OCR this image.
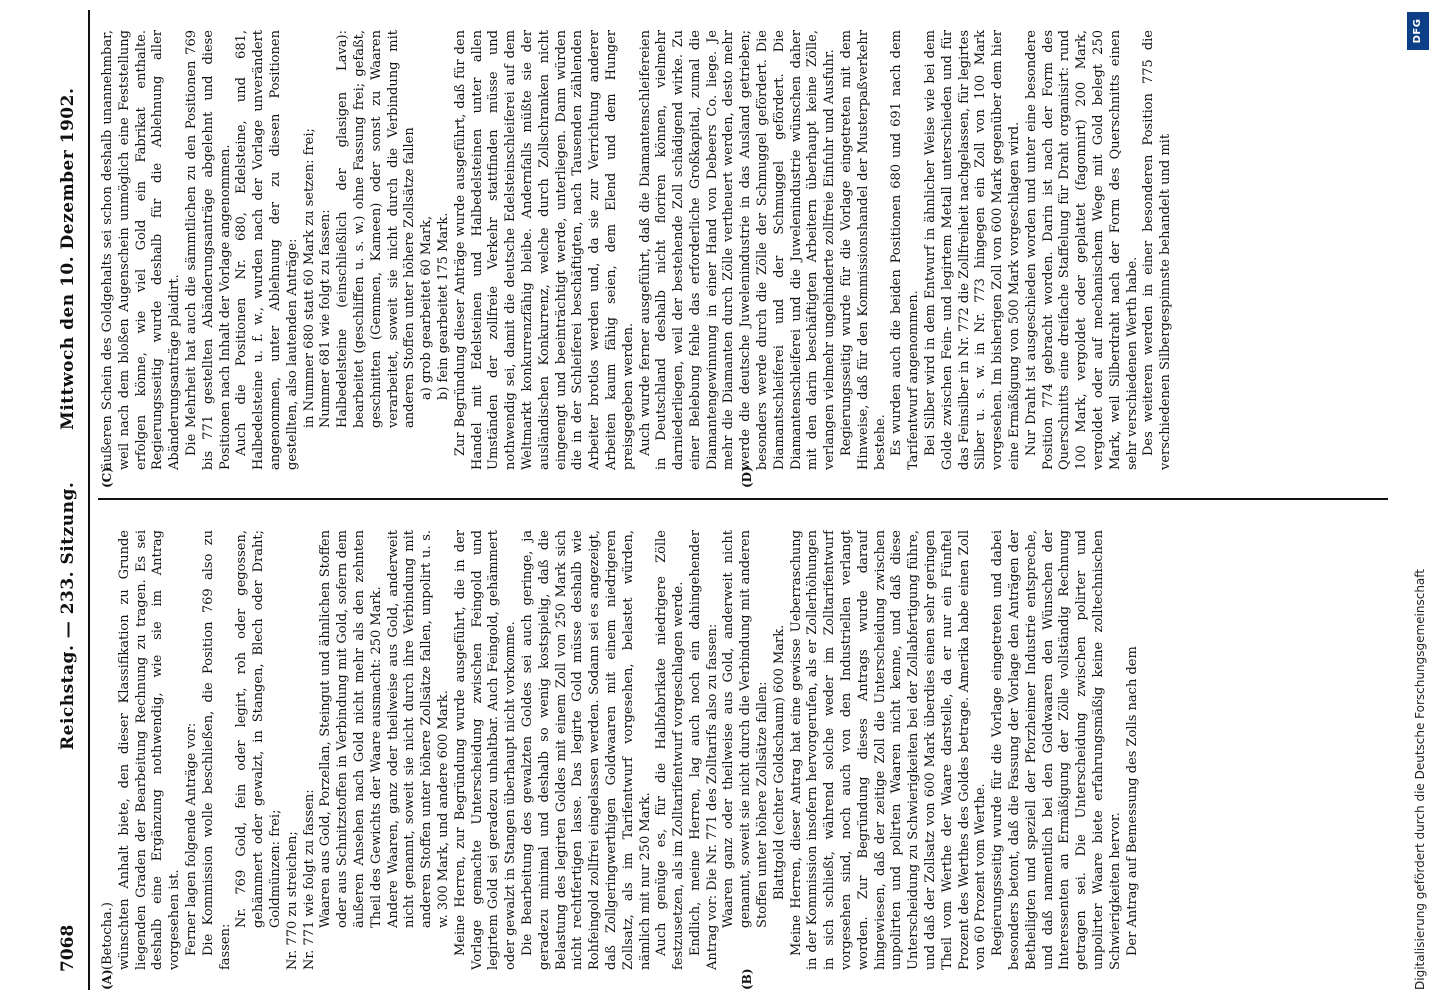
7068
Reichstag. — 233. Sitzung.
Mittwoch den 10. Dezember 1902.
(A)	(B)
(C)	(D)

(Betocha.) wünschten Anhalt biete, den dieser Klassifikation zu Grunde liegenden Graden der Bearbeitung Rechnung zu tragen. Es sei deshalb eine Ergänzung nothwendig, wie sie im Antrag vorgesehen ist. Ferner lagen folgende Anträge vor: Die Kommission wolle beschließen, die Position 769 also zu fassen:

Nr. 769 Gold, fein oder legirt, roh oder gegossen, gehämmert oder gewalzt, in Stangen, Blech oder Draht; Goldmünzen: frei; Nr. 770 zu streichen; Nr. 771 wie folgt zu fassen: Waaren aus Gold, Porzellan, Steingut und ähnlichen Stoffen oder aus Schnitzstoffen in Verbindung mit Gold, sofern dem äußeren Ansehen nach Gold nicht mehr als den zehnten Theil des Gewichts der Waare ausmacht: 250 Mark. Andere Waaren, ganz oder theilweise aus Gold, anderweit nicht genannt, soweit sie nicht durch ihre Verbindung mit anderen Stoffen unter höhere Zollsätze fallen, unpolirt u. s. w. 300 Mark, und andere 600 Mark. Meine Herren, zur Begründung wurde ausgeführt, die in der Vorlage gemachte Unterscheidung zwischen Feingold und legirtem Gold sei geradezu unhaltbar. Auch Feingold, gehämmert oder gewalzt in Stangen überhaupt nicht vorkomme. Die Bearbeitung des gewalzten Goldes sei auch geringe, ja geradezu minimal und deshalb so wenig kostspielig, daß die Belastung des legirten Goldes mit einem Zoll von 250 Mark sich nicht rechtfertigen lasse. Das legirte Gold müsse deshalb wie Rohfeingold zollfrei eingelassen werden. Sodann sei es angezeigt, daß Zollgeringwerthigen Goldwaaren mit einem niedrigeren Zollsatz, als im Tarifentwurf vorgesehen, belastet würden, nämlich mit nur 250 Mark. Auch genüge es, für die Halbfabrikate niedrigere Zölle festzusetzen, als im Zolltarifentwurf vorgeschlagen werde. Endlich, meine Herren, lag auch noch ein dahingehender Antrag vor: Die Nr. 771 des Zolltarifs also zu fassen: Waaren ganz oder theilweise aus Gold, anderweit nicht genannt, soweit sie nicht durch die Verbindung mit anderen Stoffen unter höhere Zollsätze fallen: Blattgold (echter Goldschaum) 600 Mark. Meine Herren, dieser Antrag hat eine gewisse Ueberraschung in der Kommission insofern hervorgerufen, als er Zollerhöhungen in sich schließt, während solche weder im Zolltarifentwurf vorgesehen sind, noch auch von den Industriellen verlangt worden. Zur Begründung dieses Antrags wurde darauf hingewiesen, daß der zeitige Zoll die Unterscheidung zwischen unpolirten und polirten Waaren nicht kenne, und daß diese Unterscheidung zu Schwierigkeiten bei der Zollabfertigung führe, und daß der Zollsatz von 600 Mark überdies einen sehr geringen Theil vom Werthe der Waare darstelle, da er nur ein Fünftel Prozent des Werthes des Goldes betrage. Amerika habe einen Zoll von 60 Prozent vom Werthe. Regierungsseitig wurde für die Vorlage eingetreten und dabei besonders betont, daß die Fassung der Vorlage den Anträgen der Betheiligten und speziell der Pforzheimer Industrie entspreche, und daß namentlich bei den Goldwaaren den Wünschen der Interessenten an Ermäßigung der Zölle vollständig Rechnung getragen sei. Die Unterscheidung zwischen polirter und unpolirter Waare biete erfahrungsmäßig keine zolltechnischen Schwierigkeiten hervor. Der Antrag auf Bemessung des Zolls nach dem

äußeren Schein des Goldgehalts sei schon deshalb unannehmbar, weil nach dem bloßen Augenschein unmöglich eine Feststellung erfolgen könne, wie viel Gold ein Fabrikat enthalte. Regierungsseitig wurde deshalb für die Ablehnung aller Abänderungsanträge plaidirt. Die Mehrheit hat auch die sämmtlichen zu den Positionen 769 bis 771 gestellten Abänderungsanträge abgelehnt und diese Positionen nach Inhalt der Vorlage angenommen. Auch die Positionen Nr. 680, Edelsteine, und 681, Halbedelsteine u. f. w., wurden nach der Vorlage unverändert angenommen, unter Ablehnung der zu diesen Positionen gestellten, also lautenden Anträge: in Nummer 680 statt 60 Mark zu setzen: frei; Nummer 681 wie folgt zu fassen: Halbedelsteine (einschließlich der glasigen Lava): bearbeitet (geschliffen u. s. w.) ohne Fassung frei; gefaßt, geschnitten (Gemmen, Kameen) oder sonst zu Waaren verarbeitet, soweit sie nicht durch die Verbindung mit anderen Stoffen unter höhere Zollsätze fallen a) grob gearbeitet 60 Mark, b) fein gearbeitet 175 Mark. Zur Begründung dieser Anträge wurde ausgeführt, daß für den Handel mit Edelsteinen und Halbedelsteinen unter allen Umständen der zollfreie Verkehr stattfinden müsse und nothwendig sei, damit die deutsche Edelsteinschleiferei auf dem Weltmarkt konkurrenzfähig bleibe. Andernfalls müßte sie der ausländischen Konkurrenz, welche durch Zollschranken nicht eingeengt und beeinträchtigt werde, unterliegen. Dann würden die in der Schleiferei beschäftigten, nach Tausenden zählenden Arbeiter brotlos werden und, da sie zur Verrichtung anderer Arbeiten kaum fähig seien, dem Elend und dem Hunger preisgegeben werden. Auch wurde ferner ausgeführt, daß die Diamantenschleifereien in Deutschland deshalb nicht floriren können, vielmehr darniederliegen, weil der bestehende Zoll schädigend wirke. Zu einer Belebung fehle das erforderliche Großkapital, zumal die Diamantengewinnung in einer Hand von Debeers Co. liege. Je mehr die Diamanten durch Zölle vertheuert werden, desto mehr werde die deutsche Juwelenindustrie in das Ausland getrieben; besonders werde durch die Zölle der Schmuggel gefördert. Die Diamantschleiferei und der Schmuggel gefördert. Die Diamantenschleiferei und die Juwelenindustrie wünschen daher mit den darin beschäftigten Arbeitern überhaupt keine Zölle, verlangen vielmehr ungehinderte zollfreie Einfuhr und Ausfuhr. Regierungsseitig wurde für die Vorlage eingetreten mit dem Hinweise, daß für den Kommissionshandel der Musterpaßverkehr bestehe. Es wurden auch die beiden Positionen 680 und 691 nach dem Tarifentwurf angenommen. Bei Silber wird in dem Entwurf in ähnlicher Weise wie bei dem Golde zwischen Fein- und legirtem Metall unterschieden und für das Feinsilber in Nr. 772 die Zollfreiheit nachgelassen, für legirtes Silber u. s. w. in Nr. 773 hingegen ein Zoll von 100 Mark vorgesehen. Im bisherigen Zoll von 600 Mark gegenüber dem hier eine Ermäßigung von 500 Mark vorgeschlagen wird. Nur Draht ist ausgeschieden worden und unter eine besondere Position 774 gebracht worden. Darin ist nach der Form des Querschnitts eine dreifache Staffelung für Draht organisirt: rund 100 Mark, vergoldet oder geplattet (fagonnirt) 200 Mark, vergoldet oder auf mechanischem Wege mit Gold belegt 250 Mark, weil Silberdraht nach der Form des Querschnitts einen sehr verschiedenen Werth habe. Des weiteren werden in einer besonderen Position 775 die verschiedenen Silbergespinnste behandelt und mit

Digitalisierung gefördert durch die Deutsche Forschungsgemeinschaft
DFG
